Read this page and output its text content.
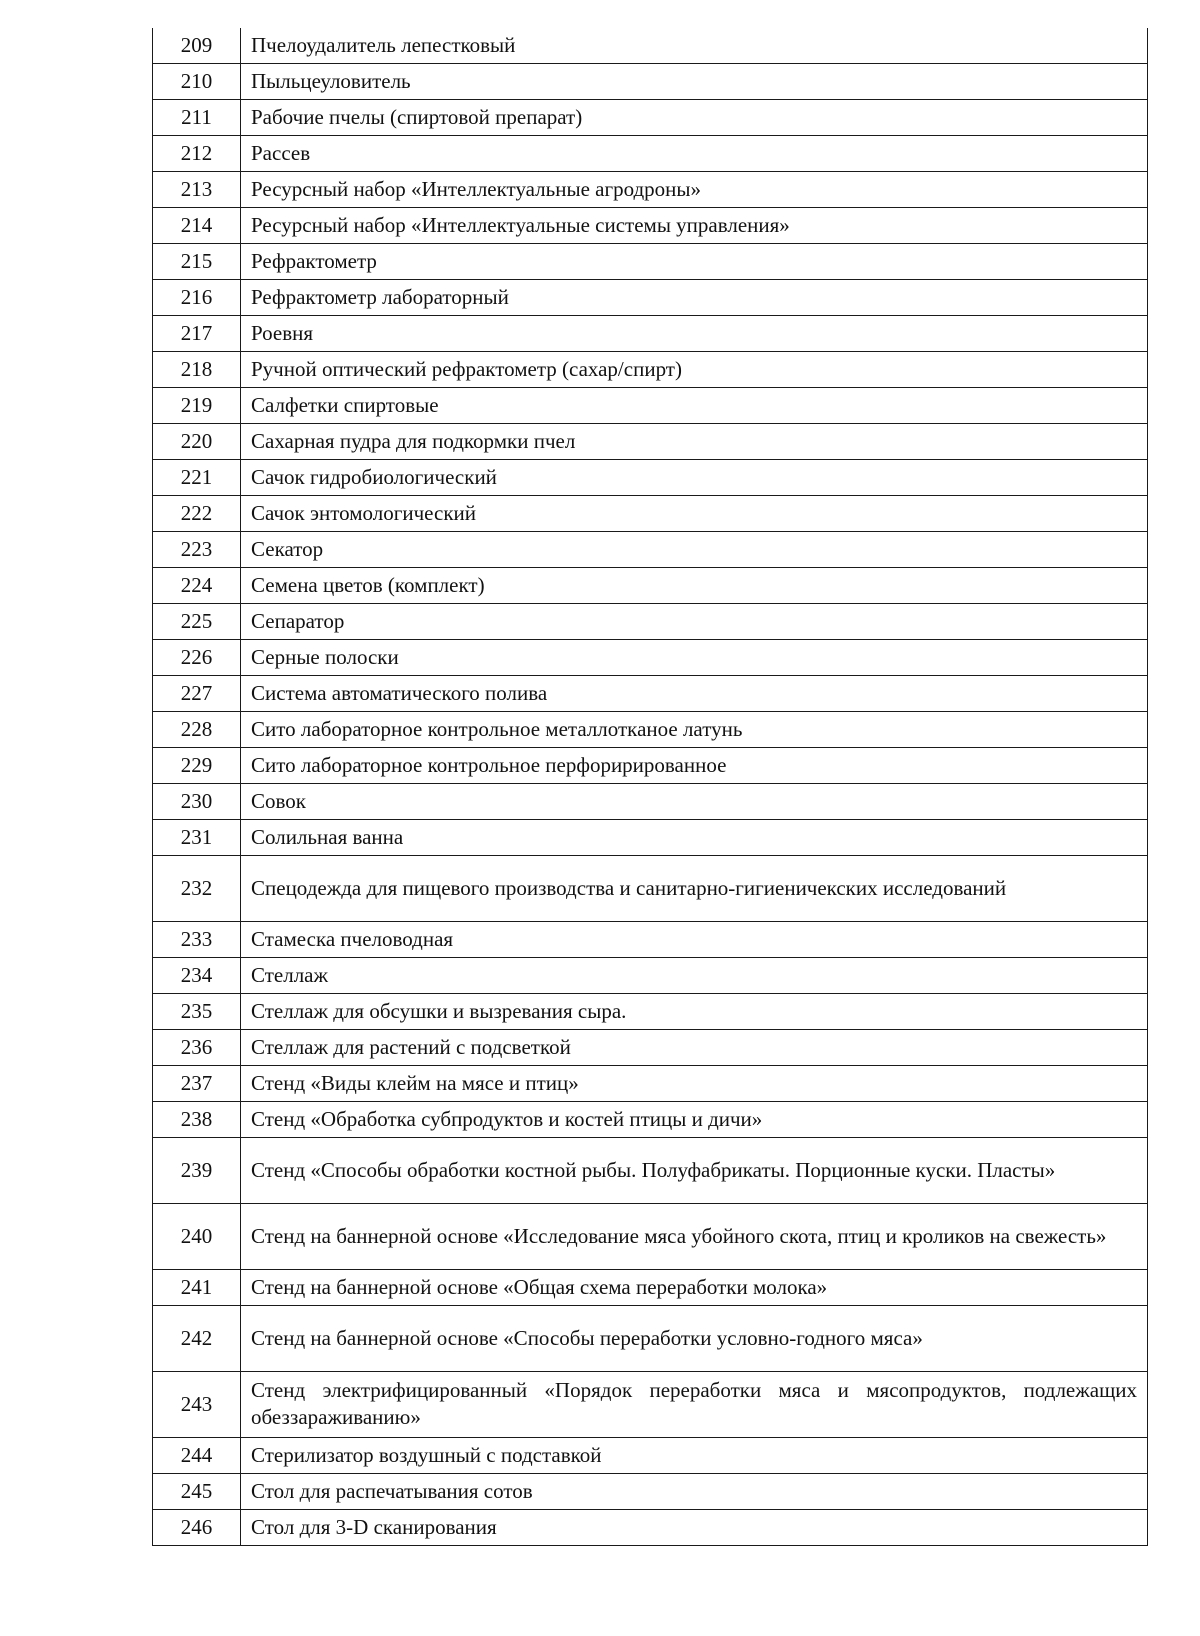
209	Пчелоудалитель лепестковый
210	Пыльцеуловитель
211	Рабочие пчелы (спиртовой препарат)
212	Рассев
213	Ресурсный набор «Интеллектуальные агродроны»
214	Ресурсный набор «Интеллектуальные системы управления»
215	Рефрактометр
216	Рефрактометр лабораторный
217	Роевня
218	Ручной оптический рефрактометр (сахар/спирт)
219	Салфетки спиртовые
220	Сахарная пудра для подкормки пчел
221	Сачок гидробиологический
222	Сачок энтомологический
223	Секатор
224	Семена цветов (комплект)
225	Сепаратор
226	Серные полоски
227	Система автоматического полива
228	Сито лабораторное контрольное металлотканое латунь
229	Сито лабораторное контрольное перфорирированное
230	Совок
231	Солильная ванна
232	Спецодежда для пищевого производства и санитарно-гигиеничекских исследований
233	Стамеска пчеловодная
234	Стеллаж
235	Стеллаж для обсушки и вызревания сыра.
236	Стеллаж для растений с подсветкой
237	Стенд «Виды клейм на мясе и птиц»
238	Стенд «Обработка субпродуктов и костей птицы и дичи»
239	Стенд «Способы обработки костной рыбы. Полуфабрикаты. Порционные куски. Пласты»
240	Стенд на баннерной основе «Исследование мяса убойного скота, птиц и кроликов на свежесть»
241	Стенд на баннерной основе «Общая схема переработки молока»
242	Стенд на баннерной основе «Способы переработки условно-годного мяса»
243	Стенд электрифицированный «Порядок переработки мяса и мясопродуктов, подлежащих обеззараживанию»
244	Стерилизатор воздушный с подставкой
245	Стол для распечатывания сотов
246	Стол для 3-D сканирования
